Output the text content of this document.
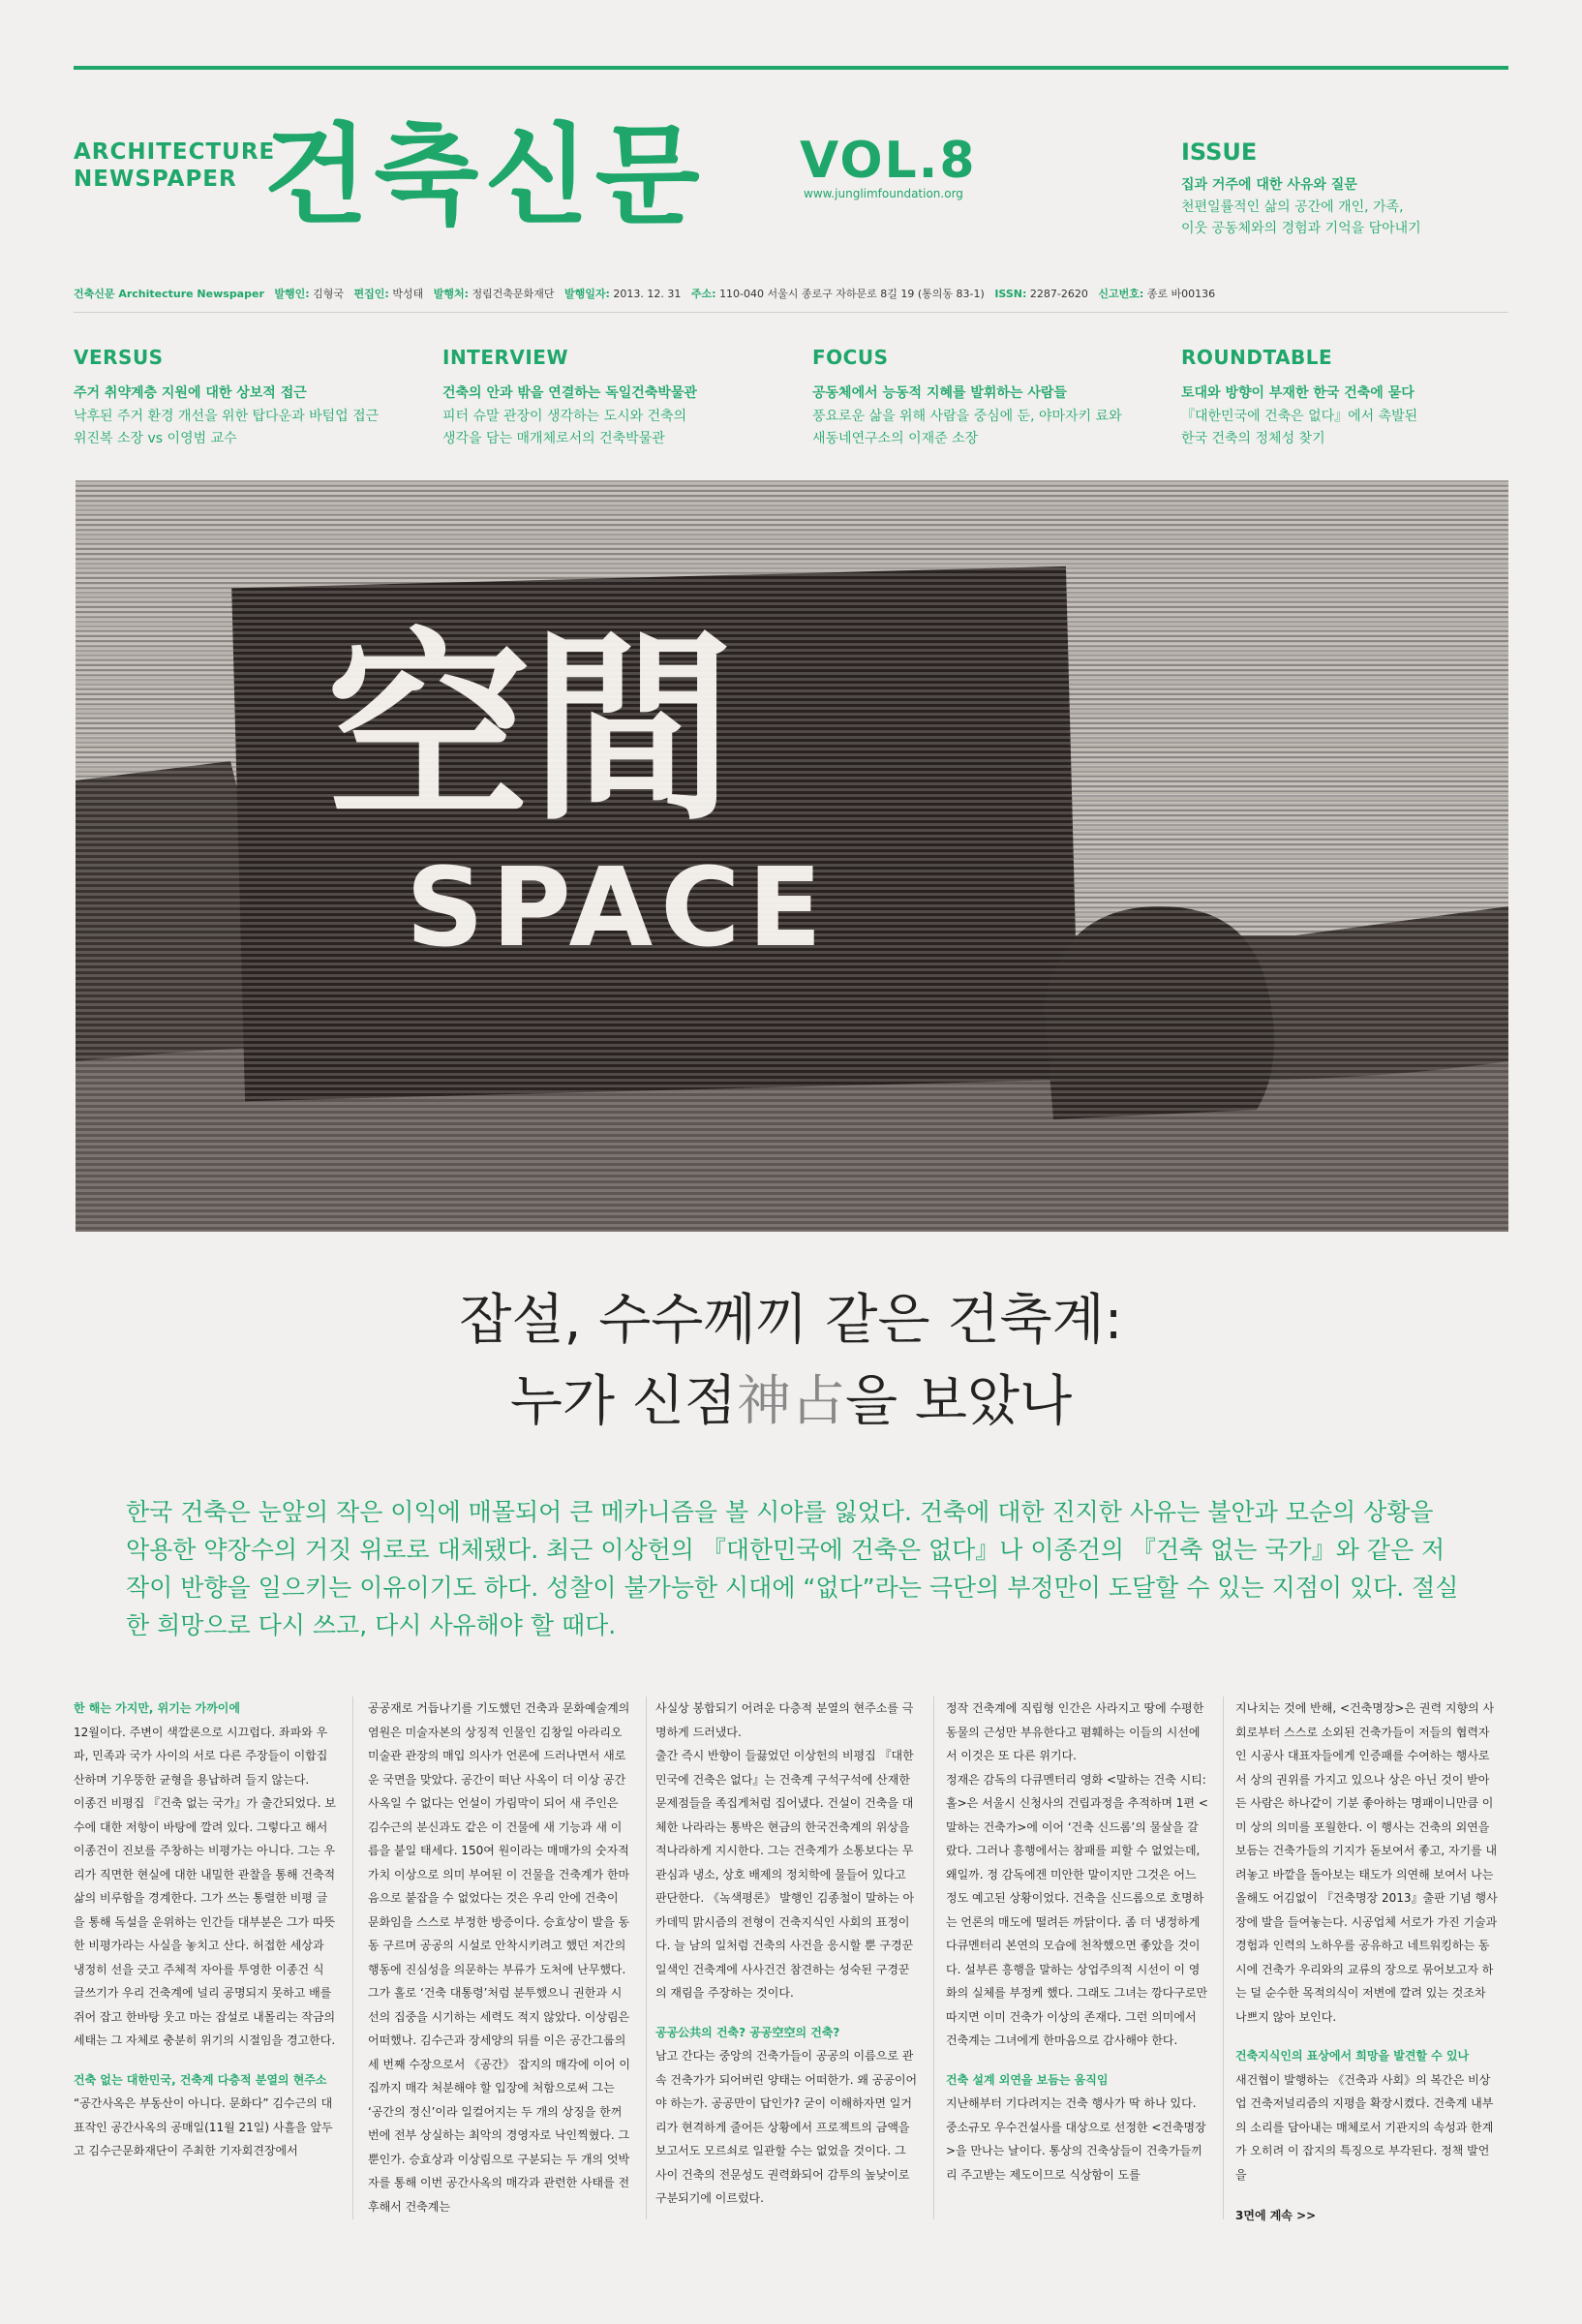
ARCHITECTURE
NEWSPAPER 건축신문 VOL.8
www.junglimfoundation.org
ISSUE
집과 거주에 대한 사유와 질문
천편일률적인 삶의 공간에 개인, 가족,
이웃 공동체와의 경험과 기억을 담아내기
건축신문 Architecture Newspaper 발행인: 김형국 편집인: 박성태 발행처: 정림건축문화재단 발행일자: 2013. 12. 31 주소: 110-040 서울시 종로구 자하문로 8길 19 (통의동 83-1) ISSN: 2287-2620 신고번호: 종로 바00136
VERSUS
주거 취약계층 지원에 대한 상보적 접근
낙후된 주거 환경 개선을 위한 탑다운과 바텀업 접근
위진복 소장 vs 이영범 교수
INTERVIEW
건축의 안과 밖을 연결하는 독일건축박물관
피터 슈말 관장이 생각하는 도시와 건축의
생각을 담는 매개체로서의 건축박물관
FOCUS
공동체에서 능동적 지혜를 발휘하는 사람들
풍요로운 삶을 위해 사람을 중심에 둔, 야마자키 료와
새동네연구소의 이재준 소장
ROUNDTABLE
토대와 방향이 부재한 한국 건축에 묻다
『대한민국에 건축은 없다』에서 촉발된
한국 건축의 정체성 찾기
잡설, 수수께끼 같은 건축계:
누가 신점神占을 보았나
한국 건축은 눈앞의 작은 이익에 매몰되어 큰 메카니즘을 볼 시야를 잃었다. 건축에 대한 진지한 사유는 불안과 모순의 상황을 악용한 약장수의 거짓 위로로 대체됐다. 최근 이상헌의 『대한민국에 건축은 없다』나 이종건의 『건축 없는 국가』와 같은 저작이 반향을 일으키는 이유이기도 하다. 성찰이 불가능한 시대에 “없다”라는 극단의 부정만이 도달할 수 있는 지점이 있다. 절실한 희망으로 다시 쓰고, 다시 사유해야 할 때다.
한 해는 가지만, 위기는 가까이에
12월이다. 주변이 색깔론으로 시끄럽다. 좌파와 우파, 민족과 국가 사이의 서로 다른 주장들이 이합집산하며 기우뚱한 균형을 용납하려 들지 않는다.
이종건 비평집 『건축 없는 국가』가 출간되었다. 보수에 대한 저항이 바탕에 깔려 있다. 그렇다고 해서 이종건이 진보를 주창하는 비평가는 아니다. 그는 우리가 직면한 현실에 대한 내밀한 관찰을 통해 건축적 삶의 비루함을 경계한다. 그가 쓰는 통렬한 비평 글을 통해 독설을 운위하는 인간들 대부분은 그가 따뜻한 비평가라는 사실을 놓치고 산다. 허접한 세상과 냉정히 선을 긋고 주체적 자아를 투영한 이종건 식 글쓰기가 우리 건축계에 널리 공명되지 못하고 배를 쥐어 잡고 한바탕 웃고 마는 잡설로 내몰리는 작금의 세태는 그 자체로 충분히 위기의 시절임을 경고한다.
건축 없는 대한민국, 건축계 다층적 분열의 현주소
“공간사옥은 부동산이 아니다. 문화다” 김수근의 대표작인 공간사옥의 공매일(11월 21일) 사흘을 앞두고 김수근문화재단이 주최한 기자회견장에서
공공재로 거듭나기를 기도했던 건축과 문화예술계의 염원은 미술자본의 상징적 인물인 김창일 아라리오 미술관 관장의 매입 의사가 언론에 드러나면서 새로운 국면을 맞았다. 공간이 떠난 사옥이 더 이상 공간사옥일 수 없다는 언설이 가림막이 되어 새 주인은 김수근의 분신과도 같은 이 건물에 새 기능과 새 이름을 붙일 태세다. 150여 원이라는 매매가의 숫자적 가치 이상으로 의미 부여된 이 건물을 건축계가 한마음으로 붙잡을 수 없었다는 것은 우리 안에 건축이 문화임을 스스로 부정한 방증이다. 승효상이 발을 동동 구르며 공공의 시설로 안착시키려고 했던 저간의 행동에 진심성을 의문하는 부류가 도처에 난무했다. 그가 홀로 ‘건축 대통령’처럼 분투했으니 권한과 시선의 집중을 시기하는 세력도 적지 않았다. 이상림은 어떠했나. 김수근과 장세양의 뒤를 이은 공간그룹의 세 번째 수장으로서 《공간》 잡지의 매각에 이어 이 집까지 매각 처분해야 할 입장에 처함으로써 그는 ‘공간의 정신’이라 일컬어지는 두 개의 상징을 한꺼번에 전부 상실하는 최악의 경영자로 낙인찍혔다. 그뿐인가. 승효상과 이상림으로 구분되는 두 개의 엇박자를 통해 이번 공간사옥의 매각과 관련한 사태를 전후해서 건축계는
사실상 봉합되기 어려운 다층적 분열의 현주소를 극명하게 드러냈다.
출간 즉시 반향이 들끓었던 이상헌의 비평집 『대한민국에 건축은 없다』는 건축계 구석구석에 산재한 문제점들을 족집게처럼 집어냈다. 건설이 건축을 대체한 나라라는 통박은 현금의 한국건축계의 위상을 적나라하게 지시한다. 그는 건축계가 소통보다는 무관심과 냉소, 상호 배제의 정치학에 물들어 있다고 판단한다. 《녹색평론》 발행인 김종철이 말하는 아카데믹 맑시즘의 전형이 건축지식인 사회의 표정이다. 늘 남의 일처럼 건축의 사건을 응시할 뿐 구경꾼 일색인 건축계에 사사건건 참견하는 성숙된 구경꾼의 재림을 주장하는 것이다.
공공公共의 건축? 공공空空의 건축?
남고 간다는 중앙의 건축가들이 공공의 이름으로 관속 건축가가 되어버린 양태는 어떠한가. 왜 공공이어야 하는가. 공공만이 답인가? 굳이 이해하자면 일거리가 현격하게 줄어든 상황에서 프로젝트의 금액을 보고서도 모르쇠로 일관할 수는 없었을 것이다. 그 사이 건축의 전문성도 권력화되어 감투의 높낮이로 구분되기에 이르렀다.
정작 건축계에 직립형 인간은 사라지고 땅에 수평한 동물의 근성만 부유한다고 폄훼하는 이들의 시선에서 이것은 또 다른 위기다.
정재은 감독의 다큐멘터리 영화 <말하는 건축 시티:홀>은 서울시 신청사의 건립과정을 추적하며 1편 <말하는 건축가>에 이어 ‘건축 신드롬’의 물살을 갈랐다. 그러나 흥행에서는 참패를 피할 수 없었는데, 왜일까. 정 감독에겐 미안한 말이지만 그것은 어느 정도 예고된 상황이었다. 건축을 신드롬으로 호명하는 언론의 매도에 떨려든 까닭이다. 좀 더 냉정하게 다큐멘터리 본연의 모습에 천착했으면 좋았을 것이다. 설부른 흥행을 말하는 상업주의적 시선이 이 영화의 실체를 부정케 했다. 그래도 그녀는 깡다구로만 따지면 이미 건축가 이상의 존재다. 그런 의미에서 건축계는 그녀에게 한마음으로 감사해야 한다.
건축 설계 외연을 보듬는 움직임
지난해부터 기다려지는 건축 행사가 딱 하나 있다. 중소규모 우수건설사를 대상으로 선정한 <건축명장>을 만나는 날이다. 통상의 건축상들이 건축가들끼리 주고받는 제도이므로 식상함이 도를
지나치는 것에 반해, <건축명장>은 권력 지향의 사회로부터 스스로 소외된 건축가들이 저들의 협력자인 시공사 대표자들에게 인증패를 수여하는 행사로서 상의 권위를 가지고 있으나 상은 아닌 것이 받아든 사람은 하나같이 기분 좋아하는 명패이니만큼 이미 상의 의미를 포월한다. 이 행사는 건축의 외연을 보듬는 건축가들의 기지가 돋보여서 좋고, 자기를 내려놓고 바깥을 돌아보는 태도가 의연해 보여서 나는 올해도 어김없이 『건축명장 2013』출판 기념 행사장에 발을 들여놓는다. 시공업체 서로가 가진 기술과 경험과 인력의 노하우를 공유하고 네트워킹하는 동시에 건축가 우리와의 교류의 장으로 묶어보고자 하는 덜 순수한 목적의식이 저변에 깔려 있는 것조차 나쁘지 않아 보인다.
건축지식인의 표상에서 희망을 발견할 수 있나
새건협이 발행하는 《건축과 사회》의 복간은 비상업 건축저널리즘의 지평을 확장시켰다. 건축계 내부의 소리를 담아내는 매체로서 기관지의 속성과 한계가 오히려 이 잡지의 특징으로 부각된다. 정책 발언을
3면에 계속 >>
